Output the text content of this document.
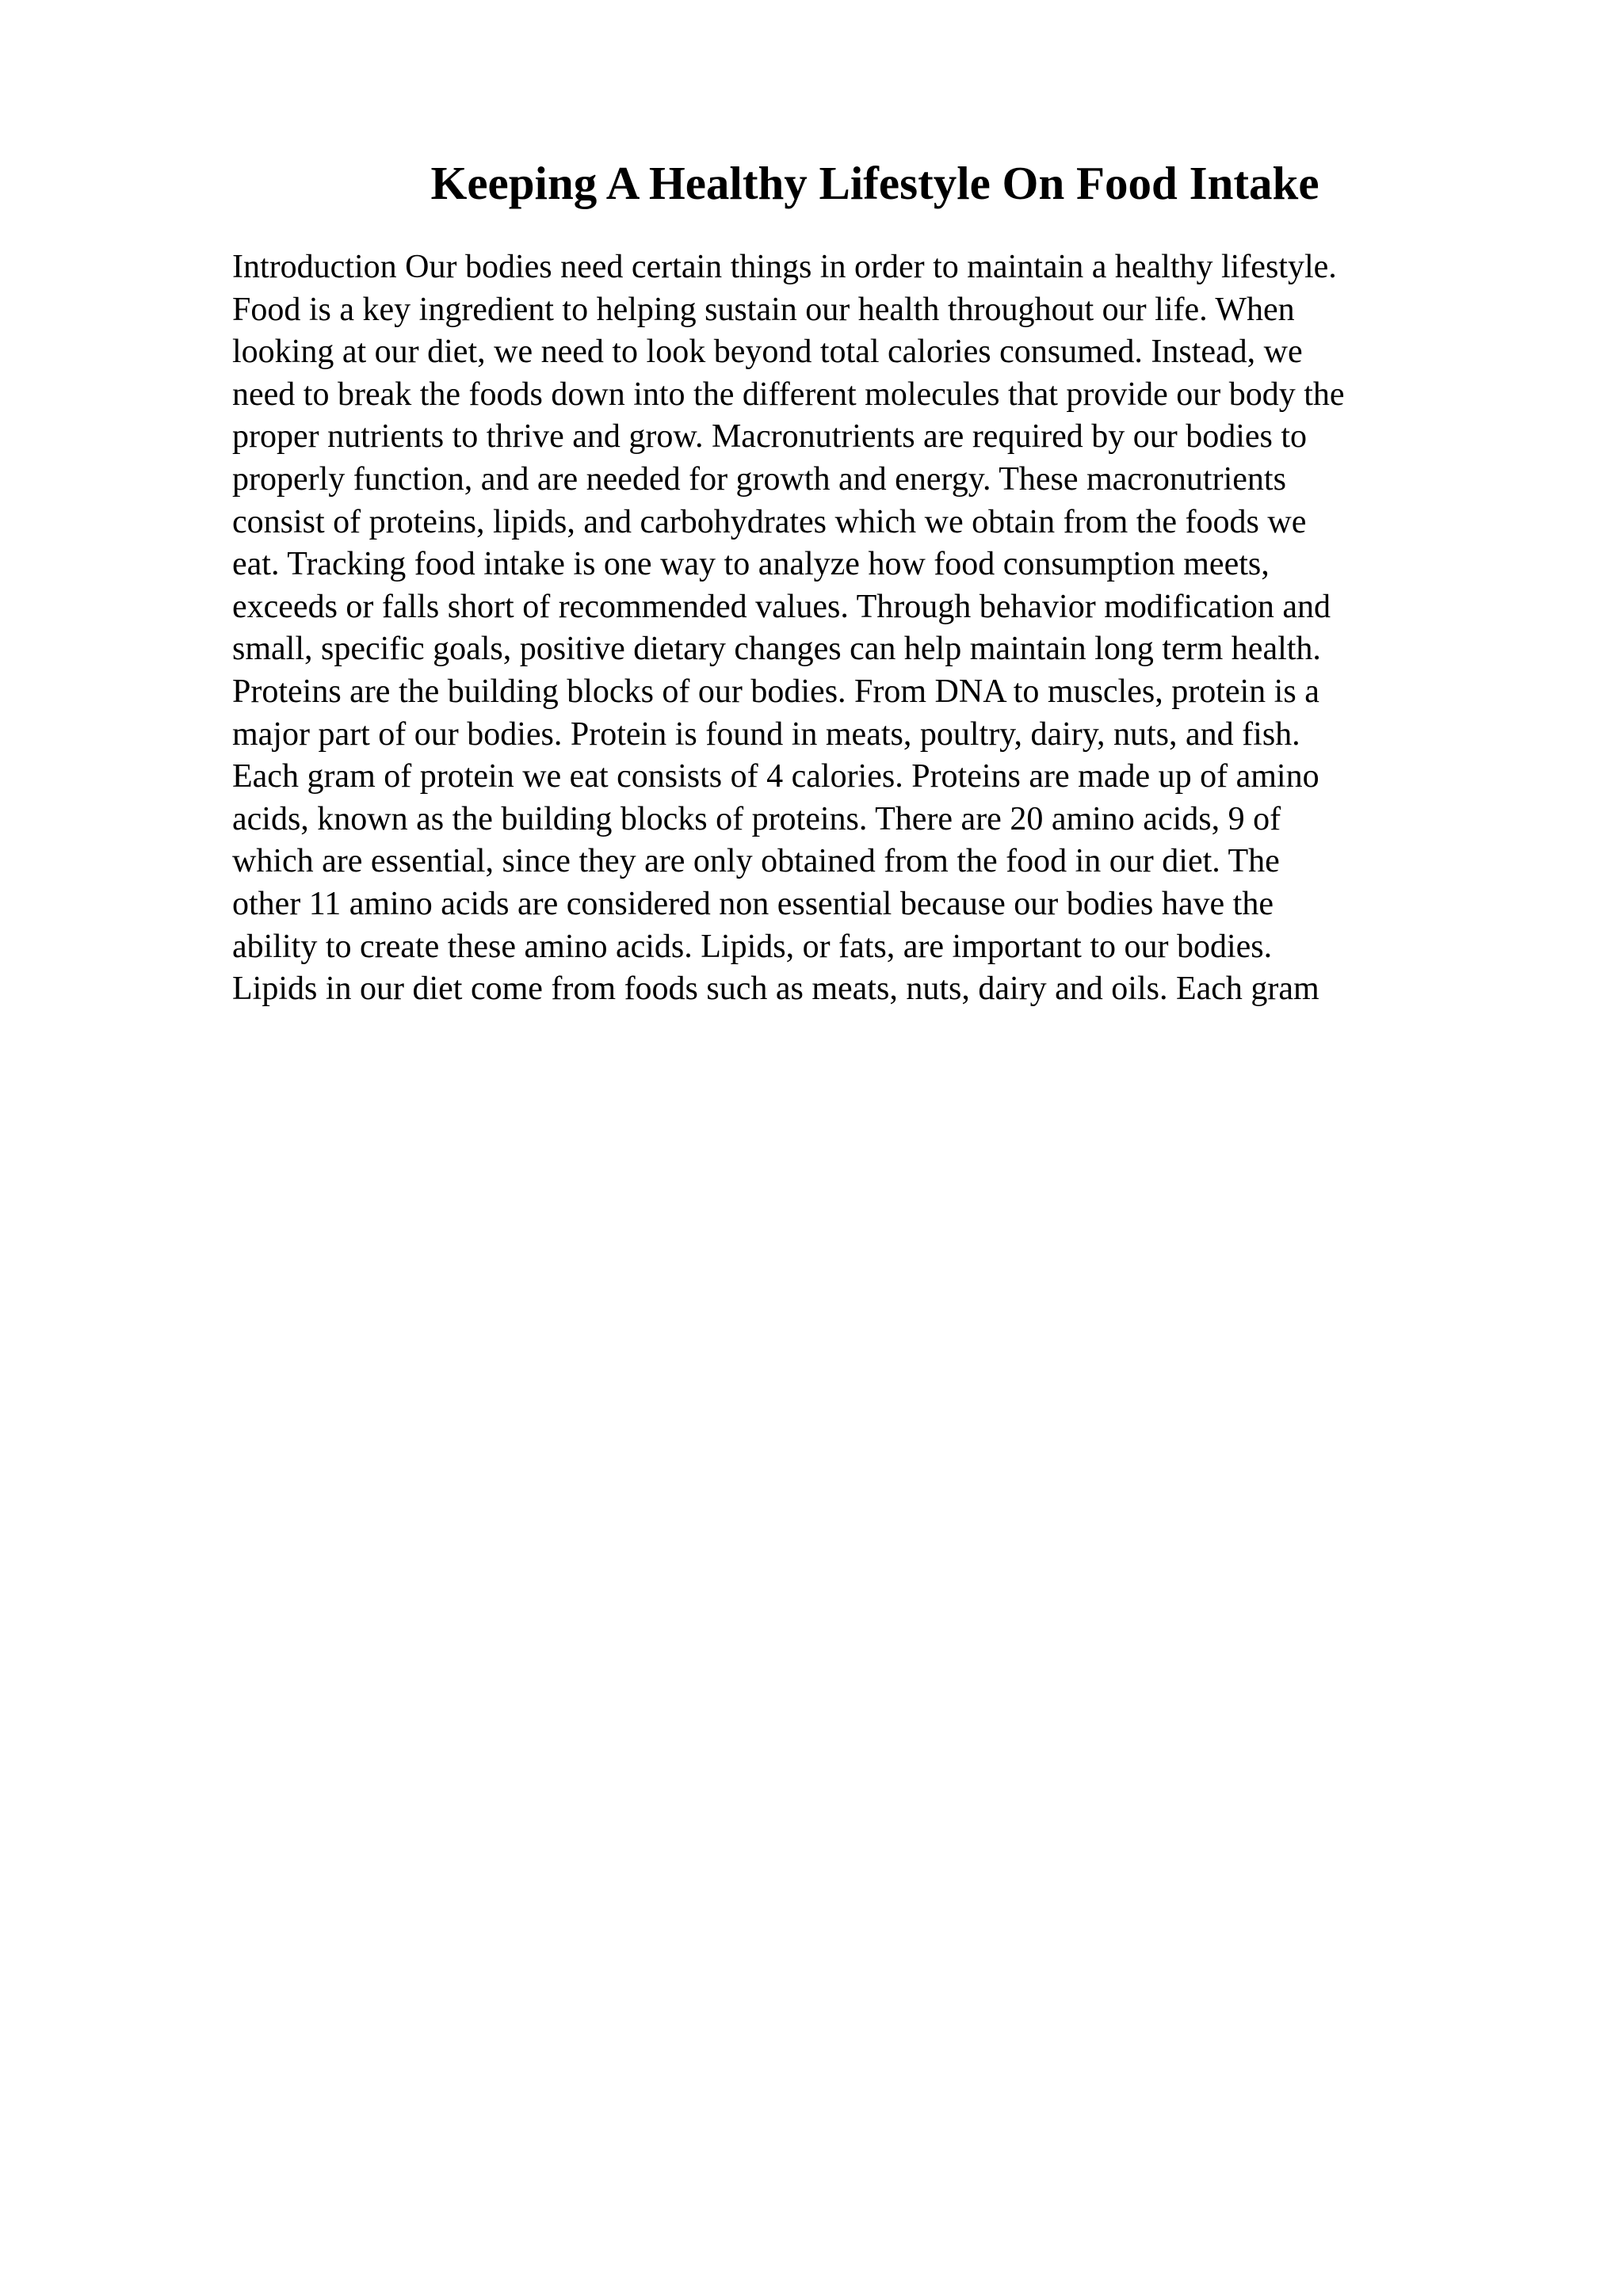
Keeping A Healthy Lifestyle On Food Intake
Introduction Our bodies need certain things in order to maintain a healthy lifestyle.
Food is a key ingredient to helping sustain our health throughout our life. When
looking at our diet, we need to look beyond total calories consumed. Instead, we
need to break the foods down into the different molecules that provide our body the
proper nutrients to thrive and grow. Macronutrients are required by our bodies to
properly function, and are needed for growth and energy. These macronutrients
consist of proteins, lipids, and carbohydrates which we obtain from the foods we
eat. Tracking food intake is one way to analyze how food consumption meets,
exceeds or falls short of recommended values. Through behavior modification and
small, specific goals, positive dietary changes can help maintain long term health.
Proteins are the building blocks of our bodies. From DNA to muscles, protein is a
major part of our bodies. Protein is found in meats, poultry, dairy, nuts, and fish.
Each gram of protein we eat consists of 4 calories. Proteins are made up of amino
acids, known as the building blocks of proteins. There are 20 amino acids, 9 of
which are essential, since they are only obtained from the food in our diet. The
other 11 amino acids are considered non essential because our bodies have the
ability to create these amino acids. Lipids, or fats, are important to our bodies.
Lipids in our diet come from foods such as meats, nuts, dairy and oils. Each gram
